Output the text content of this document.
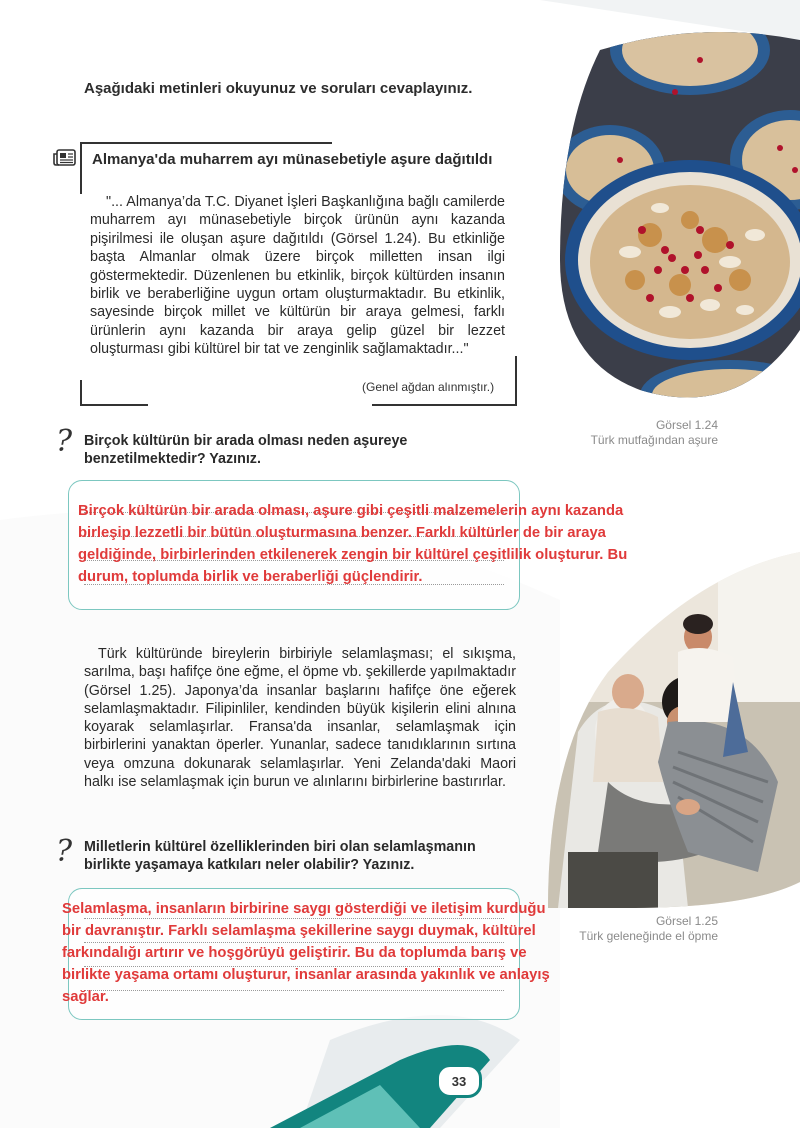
Aşağıdaki metinleri okuyunuz ve soruları cevaplayınız.
Almanya'da muharrem ayı münasebetiyle aşure dağıtıldı
"... Almanya’da T.C. Diyanet İşleri Başkanlığına bağlı camilerde muharrem ayı münasebetiyle birçok ürünün aynı kazanda pişirilmesi ile oluşan aşure dağıtıldı (Görsel 1.24). Bu etkinliğe başta Almanlar olmak üzere birçok milletten insan ilgi göstermektedir. Düzenlenen bu etkinlik, birçok kültürden insanın birlik ve beraberliğine uygun ortam oluşturmaktadır. Bu etkinlik, sayesinde birçok millet ve kültürün bir araya gelmesi, farklı ürünlerin aynı kazanda bir araya gelip güzel bir lezzet oluşturması gibi kültürel bir tat ve zenginlik sağlamaktadır..."
(Genel ağdan alınmıştır.)
Görsel 1.24
Türk mutfağından aşure
? Birçok kültürün bir arada olması neden aşureye benzetilmektedir? Yazınız.
Birçok kültürün bir arada olması, aşure gibi çeşitli malzemelerin aynı kazanda birleşip lezzetli bir bütün oluşturmasına benzer. Farklı kültürler de bir araya geldiğinde, birbirlerinden etkilenerek zengin bir kültürel çeşitlilik oluşturur. Bu durum, toplumda birlik ve beraberliği güçlendirir.
Türk kültüründe bireylerin birbiriyle selamlaşması; el sıkışma, sarılma, başı hafifçe öne eğme, el öpme vb. şekillerde yapılmaktadır (Görsel 1.25). Japonya’da insanlar başlarını hafifçe öne eğerek selamlaşmaktadır. Filipinliler, kendinden büyük kişilerin elini alnına koyarak selamlaşırlar. Fransa'da insanlar, selamlaşmak için birbirlerini yanaktan öperler. Yunanlar, sadece tanıdıklarının sırtına veya omzuna dokunarak selamlaşırlar. Yeni Zelanda'daki Maori halkı ise selamlaşmak için burun ve alınlarını birbirlerine bastırırlar.
? Milletlerin kültürel özelliklerinden biri olan selamlaşmanın birlikte yaşamaya katkıları neler olabilir? Yazınız.
Selamlaşma, insanların birbirine saygı gösterdiği ve iletişim kurduğu bir davranıştır. Farklı selamlaşma şekillerine saygı duymak, kültürel farkındalığı artırır ve hoşgörüyü geliştirir. Bu da toplumda barış ve birlikte yaşama ortamı oluşturur, insanlar arasında yakınlık ve anlayış sağlar.
Görsel 1.25
Türk geleneğinde el öpme
33
